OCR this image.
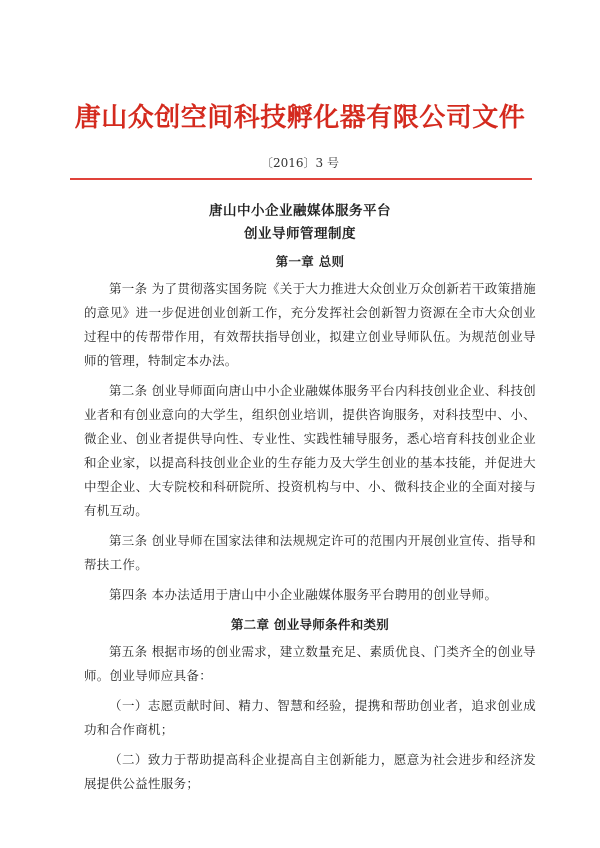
唐山众创空间科技孵化器有限公司文件
〔2016〕3 号
唐山中小企业融媒体服务平台
创业导师管理制度
第一章 总则

第一条 为了贯彻落实国务院《关于大力推进大众创业万众创新若干政策措施的意见》进一步促进创业创新工作，充分发挥社会创新智力资源在全市大众创业过程中的传帮带作用，有效帮扶指导创业，拟建立创业导师队伍。为规范创业导师的管理，特制定本办法。

第二条 创业导师面向唐山中小企业融媒体服务平台内科技创业企业、科技创业者和有创业意向的大学生，组织创业培训，提供咨询服务，对科技型中、小、微企业、创业者提供导向性、专业性、实践性辅导服务，悉心培育科技创业企业和企业家，以提高科技创业企业的生存能力及大学生创业的基本技能，并促进大中型企业、大专院校和科研院所、投资机构与中、小、微科技企业的全面对接与有机互动。

第三条 创业导师在国家法律和法规规定许可的范围内开展创业宣传、指导和帮扶工作。

第四条 本办法适用于唐山中小企业融媒体服务平台聘用的创业导师。

第二章 创业导师条件和类别

第五条 根据市场的创业需求，建立数量充足、素质优良、门类齐全的创业导师。创业导师应具备：

（一）志愿贡献时间、精力、智慧和经验，提携和帮助创业者，追求创业成功和合作商机；

（二）致力于帮助提高科企业提高自主创新能力，愿意为社会进步和经济发展提供公益性服务；
